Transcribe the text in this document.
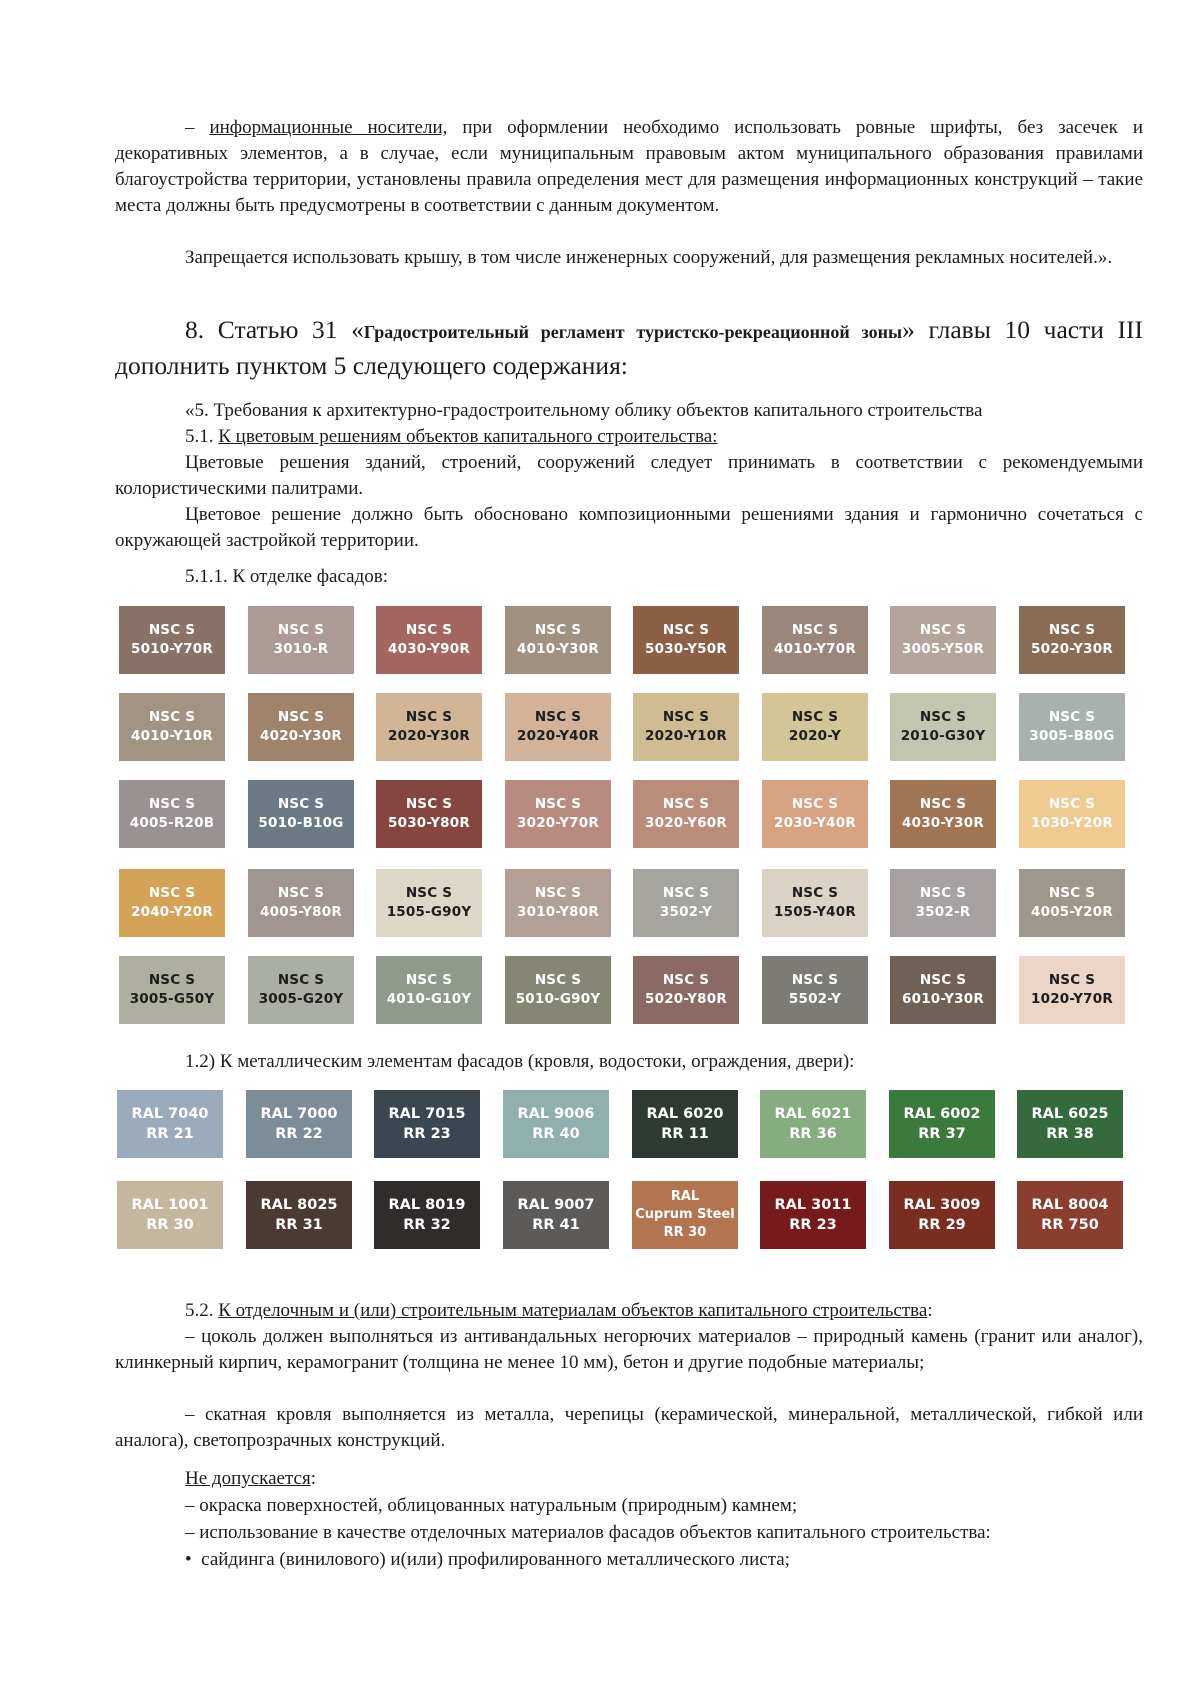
– информационные носители, при оформлении необходимо использовать ровные шрифты, без засечек и декоративных элементов, а в случае, если муниципальным правовым актом муниципального образования правилами благоустройства территории, установлены правила определения мест для размещения информационных конструкций – такие места должны быть предусмотрены в соответствии с данным документом.

Запрещается использовать крышу, в том числе инженерных сооружений, для размещения рекламных носителей.».

8. Статью 31 «Градостроительный регламент туристско-рекреационной зоны» главы 10 части III дополнить пунктом 5 следующего содержания:

«5. Требования к архитектурно-градостроительному облику объектов капитального строительства
5.1. К цветовым решениям объектов капитального строительства:

Цветовые решения зданий, строений, сооружений следует принимать в соответствии с рекомендуемыми колористическими палитрами.

Цветовое решение должно быть обосновано композиционными решениями здания и гармонично сочетаться с окружающей застройкой территории.

5.1.1. К отделке фасадов:
NSC S
5010-Y70R
NSC S
3010-R
NSC S
4030-Y90R
NSC S
4010-Y30R
NSC S
5030-Y50R
NSC S
4010-Y70R
NSC S
3005-Y50R
NSC S
5020-Y30R
NSC S
4010-Y10R
NSC S
4020-Y30R
NSC S
2020-Y30R
NSC S
2020-Y40R
NSC S
2020-Y10R
NSC S
2020-Y
NSC S
2010-G30Y
NSC S
3005-B80G
NSC S
4005-R20B
NSC S
5010-B10G
NSC S
5030-Y80R
NSC S
3020-Y70R
NSC S
3020-Y60R
NSC S
2030-Y40R
NSC S
4030-Y30R
NSC S
1030-Y20R
NSC S
2040-Y20R
NSC S
4005-Y80R
NSC S
1505-G90Y
NSC S
3010-Y80R
NSC S
3502-Y
NSC S
1505-Y40R
NSC S
3502-R
NSC S
4005-Y20R
NSC S
3005-G50Y
NSC S
3005-G20Y
NSC S
4010-G10Y
NSC S
5010-G90Y
NSC S
5020-Y80R
NSC S
5502-Y
NSC S
6010-Y30R
NSC S
1020-Y70R
1.2) К металлическим элементам фасадов (кровля, водостоки, ограждения, двери):
RAL 7040
RR 21
RAL 7000
RR 22
RAL 7015
RR 23
RAL 9006
RR 40
RAL 6020
RR 11
RAL 6021
RR 36
RAL 6002
RR 37
RAL 6025
RR 38
RAL 1001
RR 30
RAL 8025
RR 31
RAL 8019
RR 32
RAL 9007
RR 41
RAL
Cuprum Steel
RR 30
RAL 3011
RR 23
RAL 3009
RR 29
RAL 8004
RR 750
5.2. К отделочным и (или) строительным материалам объектов капитального строительства:

– цоколь должен выполняться из антивандальных негорючих материалов – природный камень (гранит или аналог), клинкерный кирпич, керамогранит (толщина не менее 10 мм), бетон и другие подобные материалы;

– скатная кровля выполняется из металла, черепицы (керамической, минеральной, металлической, гибкой или аналога), светопрозрачных конструкций.

Не допускается:
– окраска поверхностей, облицованных натуральным (природным) камнем;
– использование в качестве отделочных материалов фасадов объектов капитального строительства:
• сайдинга (винилового) и(или) профилированного металлического листа;
